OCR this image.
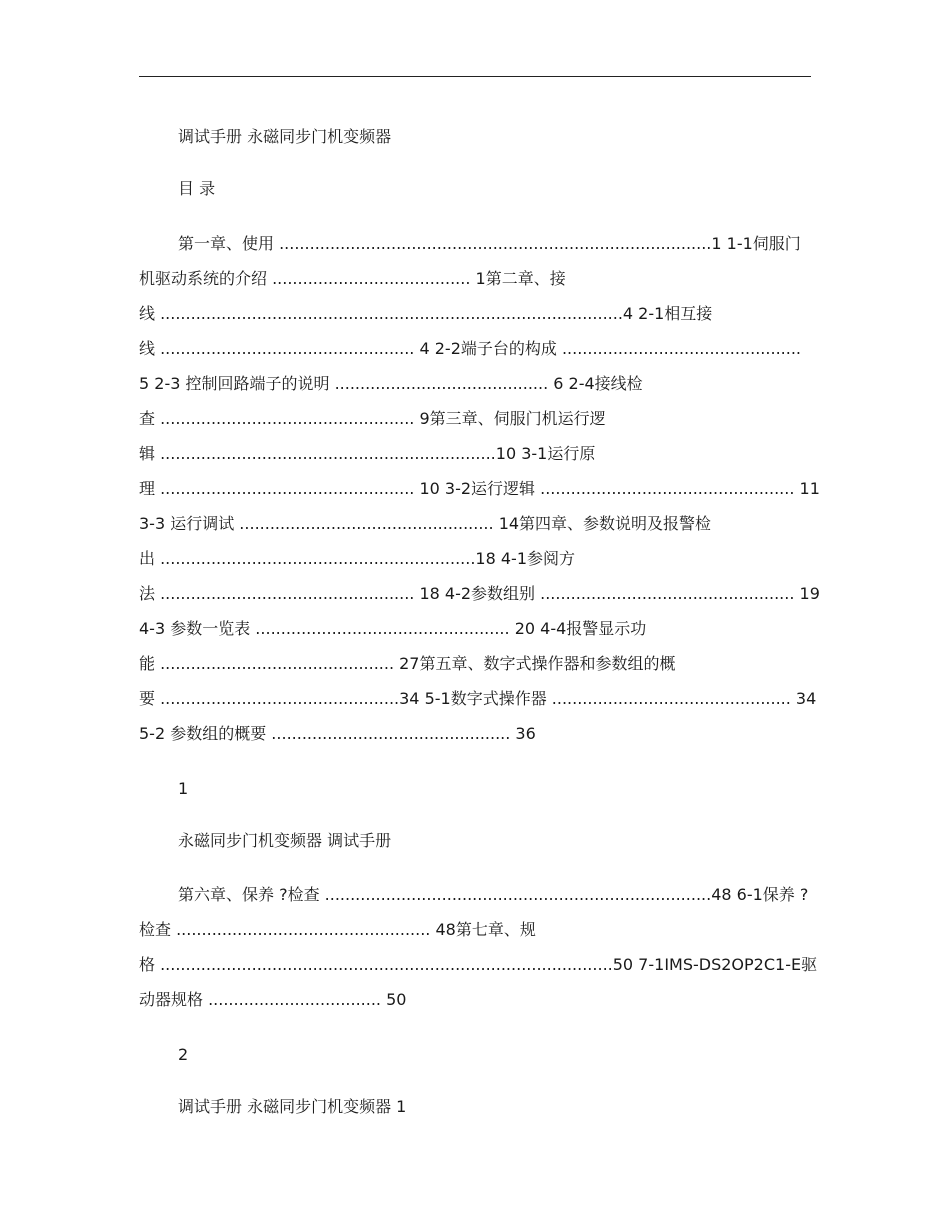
调试手册 永磁同步门机变频器
目 录
第一章、使用 .....................................................................................1 1-1伺服门
机驱动系统的介绍 ....................................... 1第二章、接
线 ...........................................................................................4 2-1相互接
线 .................................................. 4 2-2端子台的构成 ...............................................
5 2-3 控制回路端子的说明 .......................................... 6 2-4接线检
查 .................................................. 9第三章、伺服门机运行逻
辑 ..................................................................10 3-1运行原
理 .................................................. 10 3-2运行逻辑 .................................................. 11
3-3 运行调试 .................................................. 14第四章、参数说明及报警检
出 ..............................................................18 4-1参阅方
法 .................................................. 18 4-2参数组别 .................................................. 19
4-3 参数一览表 .................................................. 20 4-4报警显示功
能 .............................................. 27第五章、数字式操作器和参数组的概
要 ...............................................34 5-1数字式操作器 ............................................... 34
5-2 参数组的概要 ............................................... 36
1
永磁同步门机变频器 调试手册
第六章、保养 ?检查 ............................................................................48 6-1保养 ?
检查 .................................................. 48第七章、规
格 .........................................................................................50 7-1IMS-DS2OP2C1-E驱
动器规格 .................................. 50
2
调试手册 永磁同步门机变频器 1
